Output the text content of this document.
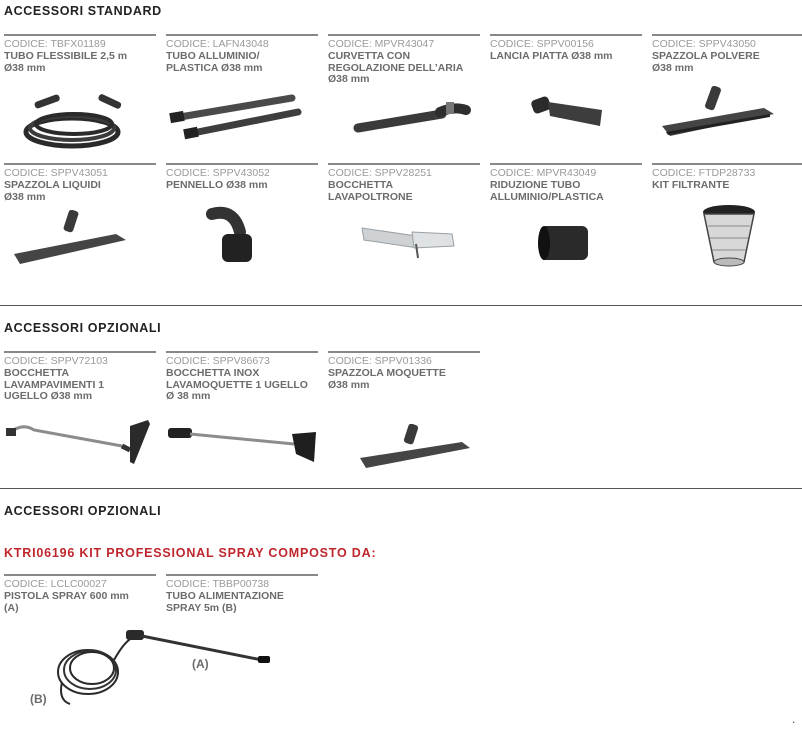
ACCESSORI STANDARD
CODICE: TBFX01189
TUBO FLESSIBILE 2,5 m
Ø38 mm
CODICE: LAFN43048
TUBO ALLUMINIO/
PLASTICA Ø38 mm
CODICE: MPVR43047
CURVETTA CON
REGOLAZIONE DELL’ARIA
Ø38 mm
CODICE: SPPV00156
LANCIA PIATTA Ø38 mm
CODICE: SPPV43050
SPAZZOLA POLVERE
Ø38 mm
CODICE: SPPV43051
SPAZZOLA LIQUIDI
Ø38 mm
CODICE: SPPV43052
PENNELLO Ø38 mm
CODICE: SPPV28251
BOCCHETTA
LAVAPOLTRONE
CODICE: MPVR43049
RIDUZIONE TUBO
ALLUMINIO/PLASTICA
CODICE: FTDP28733
KIT FILTRANTE
ACCESSORI OPZIONALI
CODICE: SPPV72103
BOCCHETTA
LAVAMPAVIMENTI 1
UGELLO Ø38 mm
CODICE: SPPV86673
BOCCHETTA INOX
LAVAMOQUETTE 1 UGELLO
Ø 38 mm
CODICE: SPPV01336
SPAZZOLA MOQUETTE
Ø38 mm
ACCESSORI OPZIONALI
KTRI06196 KIT PROFESSIONAL SPRAY COMPOSTO DA:
CODICE: LCLC00027
PISTOLA SPRAY 600 mm
(A)
CODICE: TBBP00738
TUBO ALIMENTAZIONE
SPRAY 5m (B)
(A)
(B)
.
